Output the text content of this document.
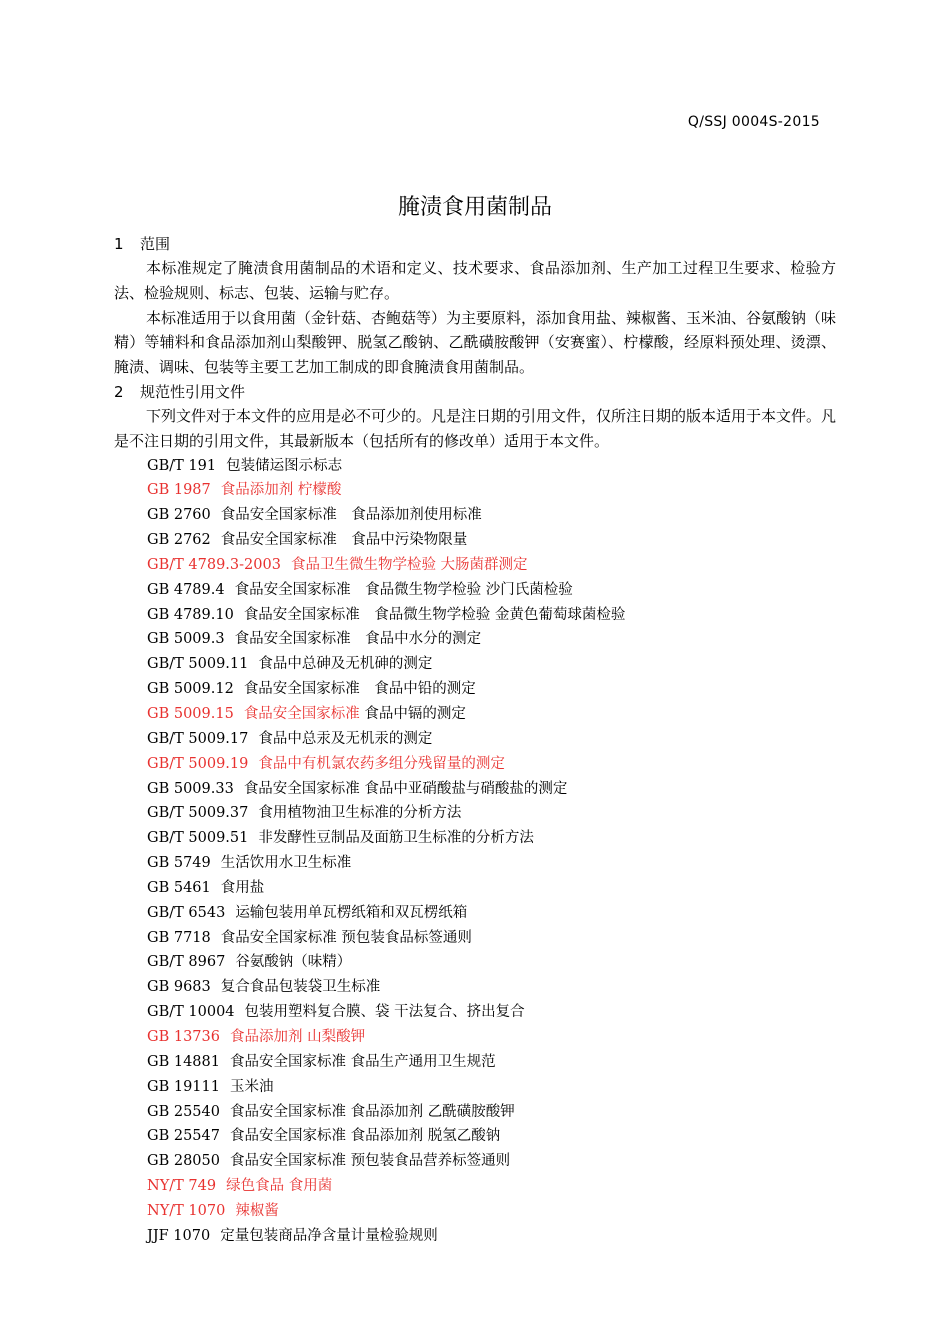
Q/SSJ 0004S-2015
腌渍食用菌制品
1 范围

本标准规定了腌渍食用菌制品的术语和定义、技术要求、食品添加剂、生产加工过程卫生要求、检验方法、检验规则、标志、包装、运输与贮存。

本标准适用于以食用菌（金针菇、杏鲍菇等）为主要原料，添加食用盐、辣椒酱、玉米油、谷氨酸钠（味精）等辅料和食品添加剂山梨酸钾、脱氢乙酸钠、乙酰磺胺酸钾（安赛蜜）、柠檬酸，经原料预处理、烫漂、腌渍、调味、包装等主要工艺加工制成的即食腌渍食用菌制品。

2 规范性引用文件

下列文件对于本文件的应用是必不可少的。凡是注日期的引用文件，仅所注日期的版本适用于本文件。凡是不注日期的引用文件，其最新版本（包括所有的修改单）适用于本文件。

GB/T 191 包装储运图示标志
GB 1987 食品添加剂 柠檬酸
GB 2760 食品安全国家标准　食品添加剂使用标准
GB 2762 食品安全国家标准　食品中污染物限量
GB/T 4789.3-2003 食品卫生微生物学检验 大肠菌群测定
GB 4789.4 食品安全国家标准　食品微生物学检验 沙门氏菌检验
GB 4789.10 食品安全国家标准　食品微生物学检验 金黄色葡萄球菌检验
GB 5009.3 食品安全国家标准　食品中水分的测定
GB/T 5009.11 食品中总砷及无机砷的测定
GB 5009.12 食品安全国家标准　食品中铅的测定
GB 5009.15 食品安全国家标准 食品中镉的测定
GB/T 5009.17 食品中总汞及无机汞的测定
GB/T 5009.19 食品中有机氯农药多组分残留量的测定
GB 5009.33 食品安全国家标准 食品中亚硝酸盐与硝酸盐的测定
GB/T 5009.37 食用植物油卫生标准的分析方法
GB/T 5009.51 非发酵性豆制品及面筋卫生标准的分析方法
GB 5749 生活饮用水卫生标准
GB 5461 食用盐
GB/T 6543 运输包装用单瓦楞纸箱和双瓦楞纸箱
GB 7718 食品安全国家标准 预包装食品标签通则
GB/T 8967 谷氨酸钠（味精）
GB 9683 复合食品包装袋卫生标准
GB/T 10004 包装用塑料复合膜、袋 干法复合、挤出复合
GB 13736 食品添加剂 山梨酸钾
GB 14881 食品安全国家标准 食品生产通用卫生规范
GB 19111 玉米油
GB 25540 食品安全国家标准 食品添加剂 乙酰磺胺酸钾
GB 25547 食品安全国家标准 食品添加剂 脱氢乙酸钠
GB 28050 食品安全国家标准 预包装食品营养标签通则
NY/T 749 绿色食品 食用菌
NY/T 1070 辣椒酱
JJF 1070 定量包装商品净含量计量检验规则
